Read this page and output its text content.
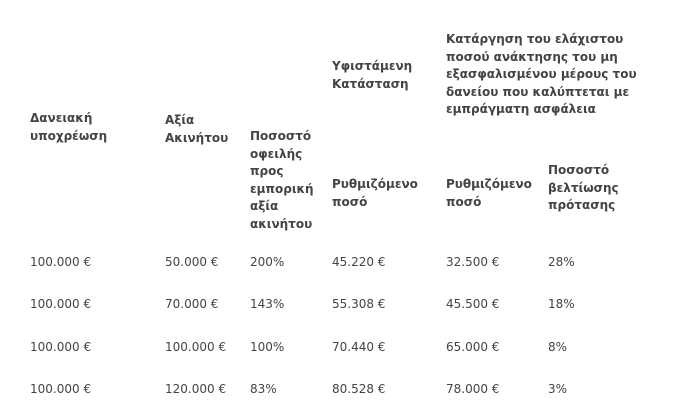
Δανειακή υποχρέωση
Αξία Ακινήτου	Ποσοστό οφειλής προς εμπορική αξία ακινήτου
Υφιστάμενη Κατάσταση
Ρυθμιζόμενο ποσό
Κατάργηση του ελάχιστου ποσού ανάκτησης του μη εξασφαλισμένου μέρους του δανείου που καλύπτεται με εμπράγματη ασφάλεια
Ρυθμιζόμενο ποσό
Ποσοστό βελτίωσης πρότασης
100.000 €	50.000 €	200%	45.220 €	32.500 €	28%
100.000 €	70.000 €	143%	55.308 €	45.500 €	18%
100.000 €	100.000 € 100%	70.440 €	65.000 €	8%
100.000 €	120.000 € 83%	80.528 €	78.000 €	3%
